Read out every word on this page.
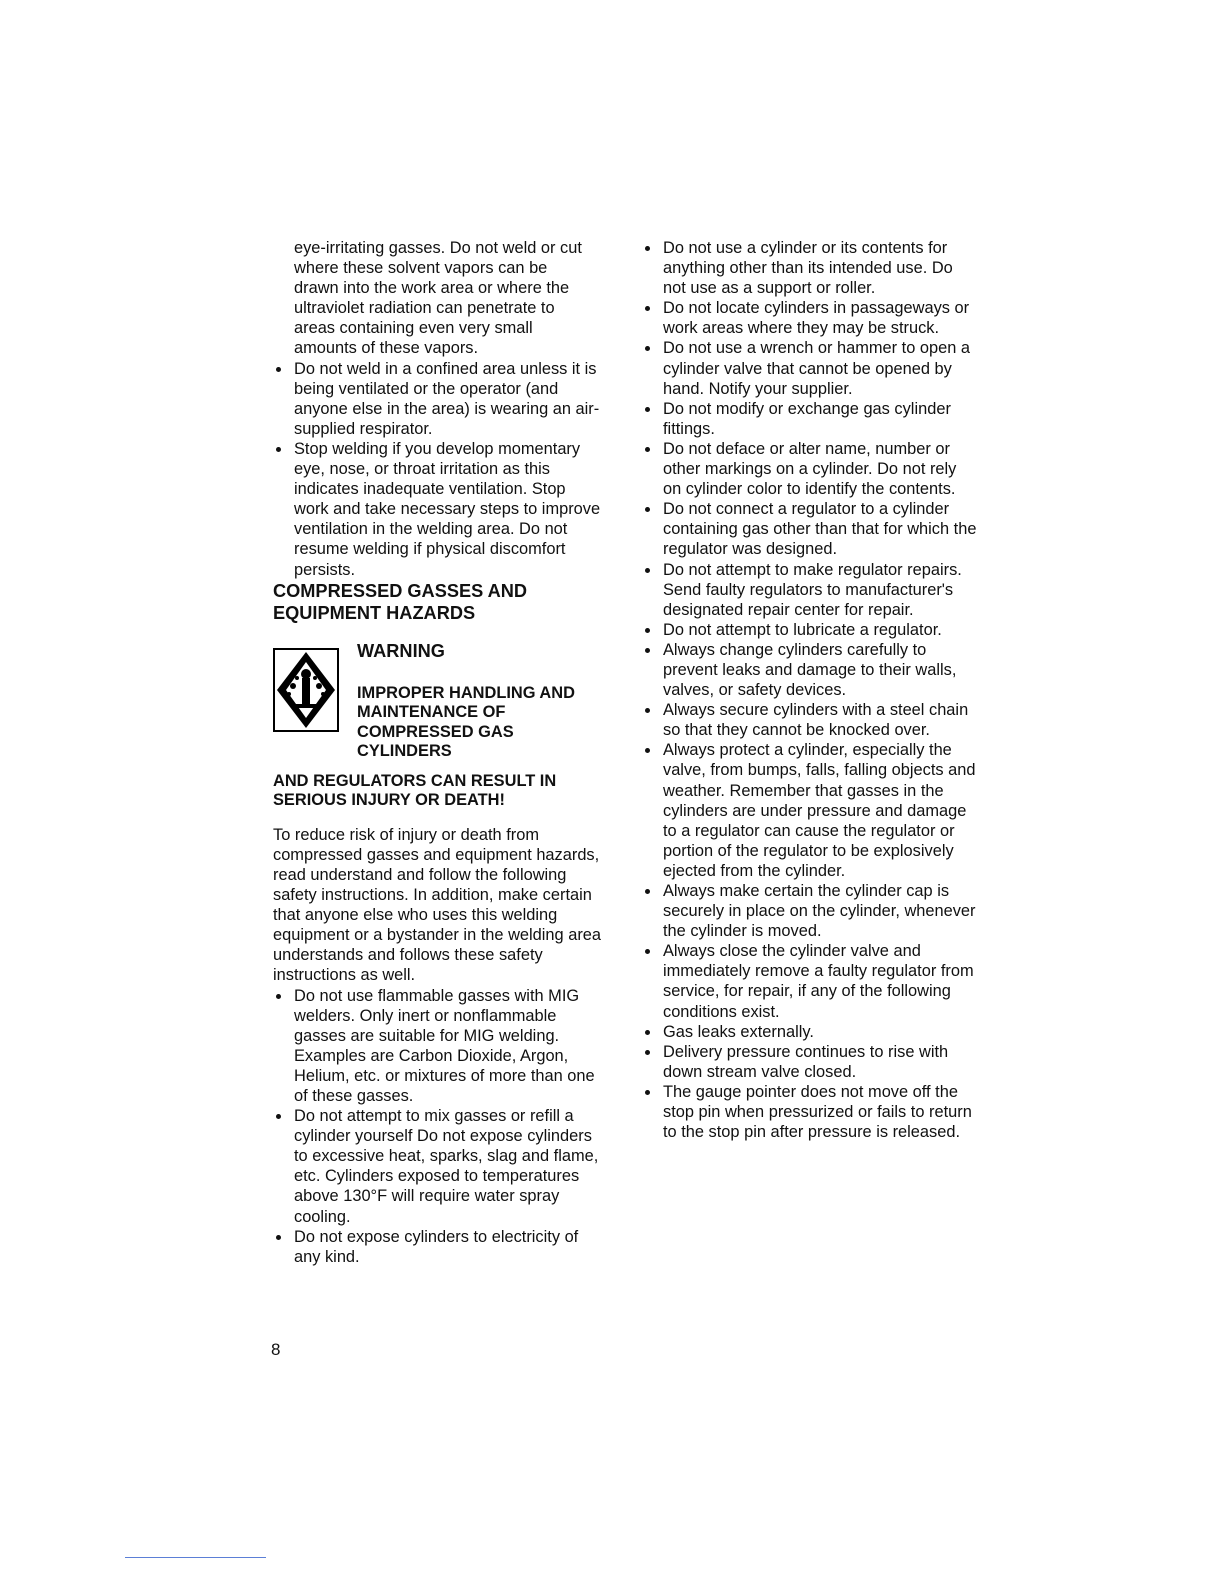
eye-irritating gasses. Do not weld or cut
where these solvent vapors can be
drawn into the work area or where the
ultraviolet radiation can penetrate to
areas containing even very small
amounts of these vapors.
Do not weld in a confined area unless it is being ventilated or the operator (and anyone else in the area) is wearing an air-supplied respirator.
Stop welding if you develop momentary eye, nose, or throat irritation as this indicates inadequate ventilation. Stop work and take necessary steps to improve ventilation in the welding area. Do not resume welding if physical discomfort persists.
COMPRESSED GASSES AND
EQUIPMENT HAZARDS
WARNING
IMPROPER HANDLING AND MAINTENANCE OF COMPRESSED GAS CYLINDERS
AND REGULATORS CAN RESULT IN SERIOUS INJURY OR DEATH!
To reduce risk of injury or death from compressed gasses and equipment hazards, read understand and follow the following safety instructions. In addition, make certain that anyone else who uses this welding equipment or a bystander in the welding area understands and follows these safety instructions as well.
Do not use flammable gasses with MIG welders. Only inert or nonflammable gasses are suitable for MIG welding. Examples are Carbon Dioxide, Argon, Helium, etc. or mixtures of more than one of these gasses.
Do not attempt to mix gasses or refill a cylinder yourself Do not expose cylinders to excessive heat, sparks, slag and flame, etc. Cylinders exposed to temperatures above 130°F will require water spray cooling.
Do not expose cylinders to electricity of any kind.
Do not use a cylinder or its contents for anything other than its intended use. Do not use as a support or roller.
Do not locate cylinders in passageways or work areas where they may be struck.
Do not use a wrench or hammer to open a cylinder valve that cannot be opened by hand. Notify your supplier.
Do not modify or exchange gas cylinder fittings.
Do not deface or alter name, number or other markings on a cylinder. Do not rely on cylinder color to identify the contents.
Do not connect a regulator to a cylinder containing gas other than that for which the regulator was designed.
Do not attempt to make regulator repairs. Send faulty regulators to manufacturer's designated repair center for repair.
Do not attempt to lubricate a regulator.
Always change cylinders carefully to prevent leaks and damage to their walls, valves, or safety devices.
Always secure cylinders with a steel chain so that they cannot be knocked over.
Always protect a cylinder, especially the valve, from bumps, falls, falling objects and weather. Remember that gasses in the cylinders are under pressure and damage to a regulator can cause the regulator or portion of the regulator to be explosively ejected from the cylinder.
Always make certain the cylinder cap is securely in place on the cylinder, whenever the cylinder is moved.
Always close the cylinder valve and immediately remove a faulty regulator from service, for repair, if any of the following conditions exist.
Gas leaks externally.
Delivery pressure continues to rise with down stream valve closed.
The gauge pointer does not move off the stop pin when pressurized or fails to return to the stop pin after pressure is released.
8
